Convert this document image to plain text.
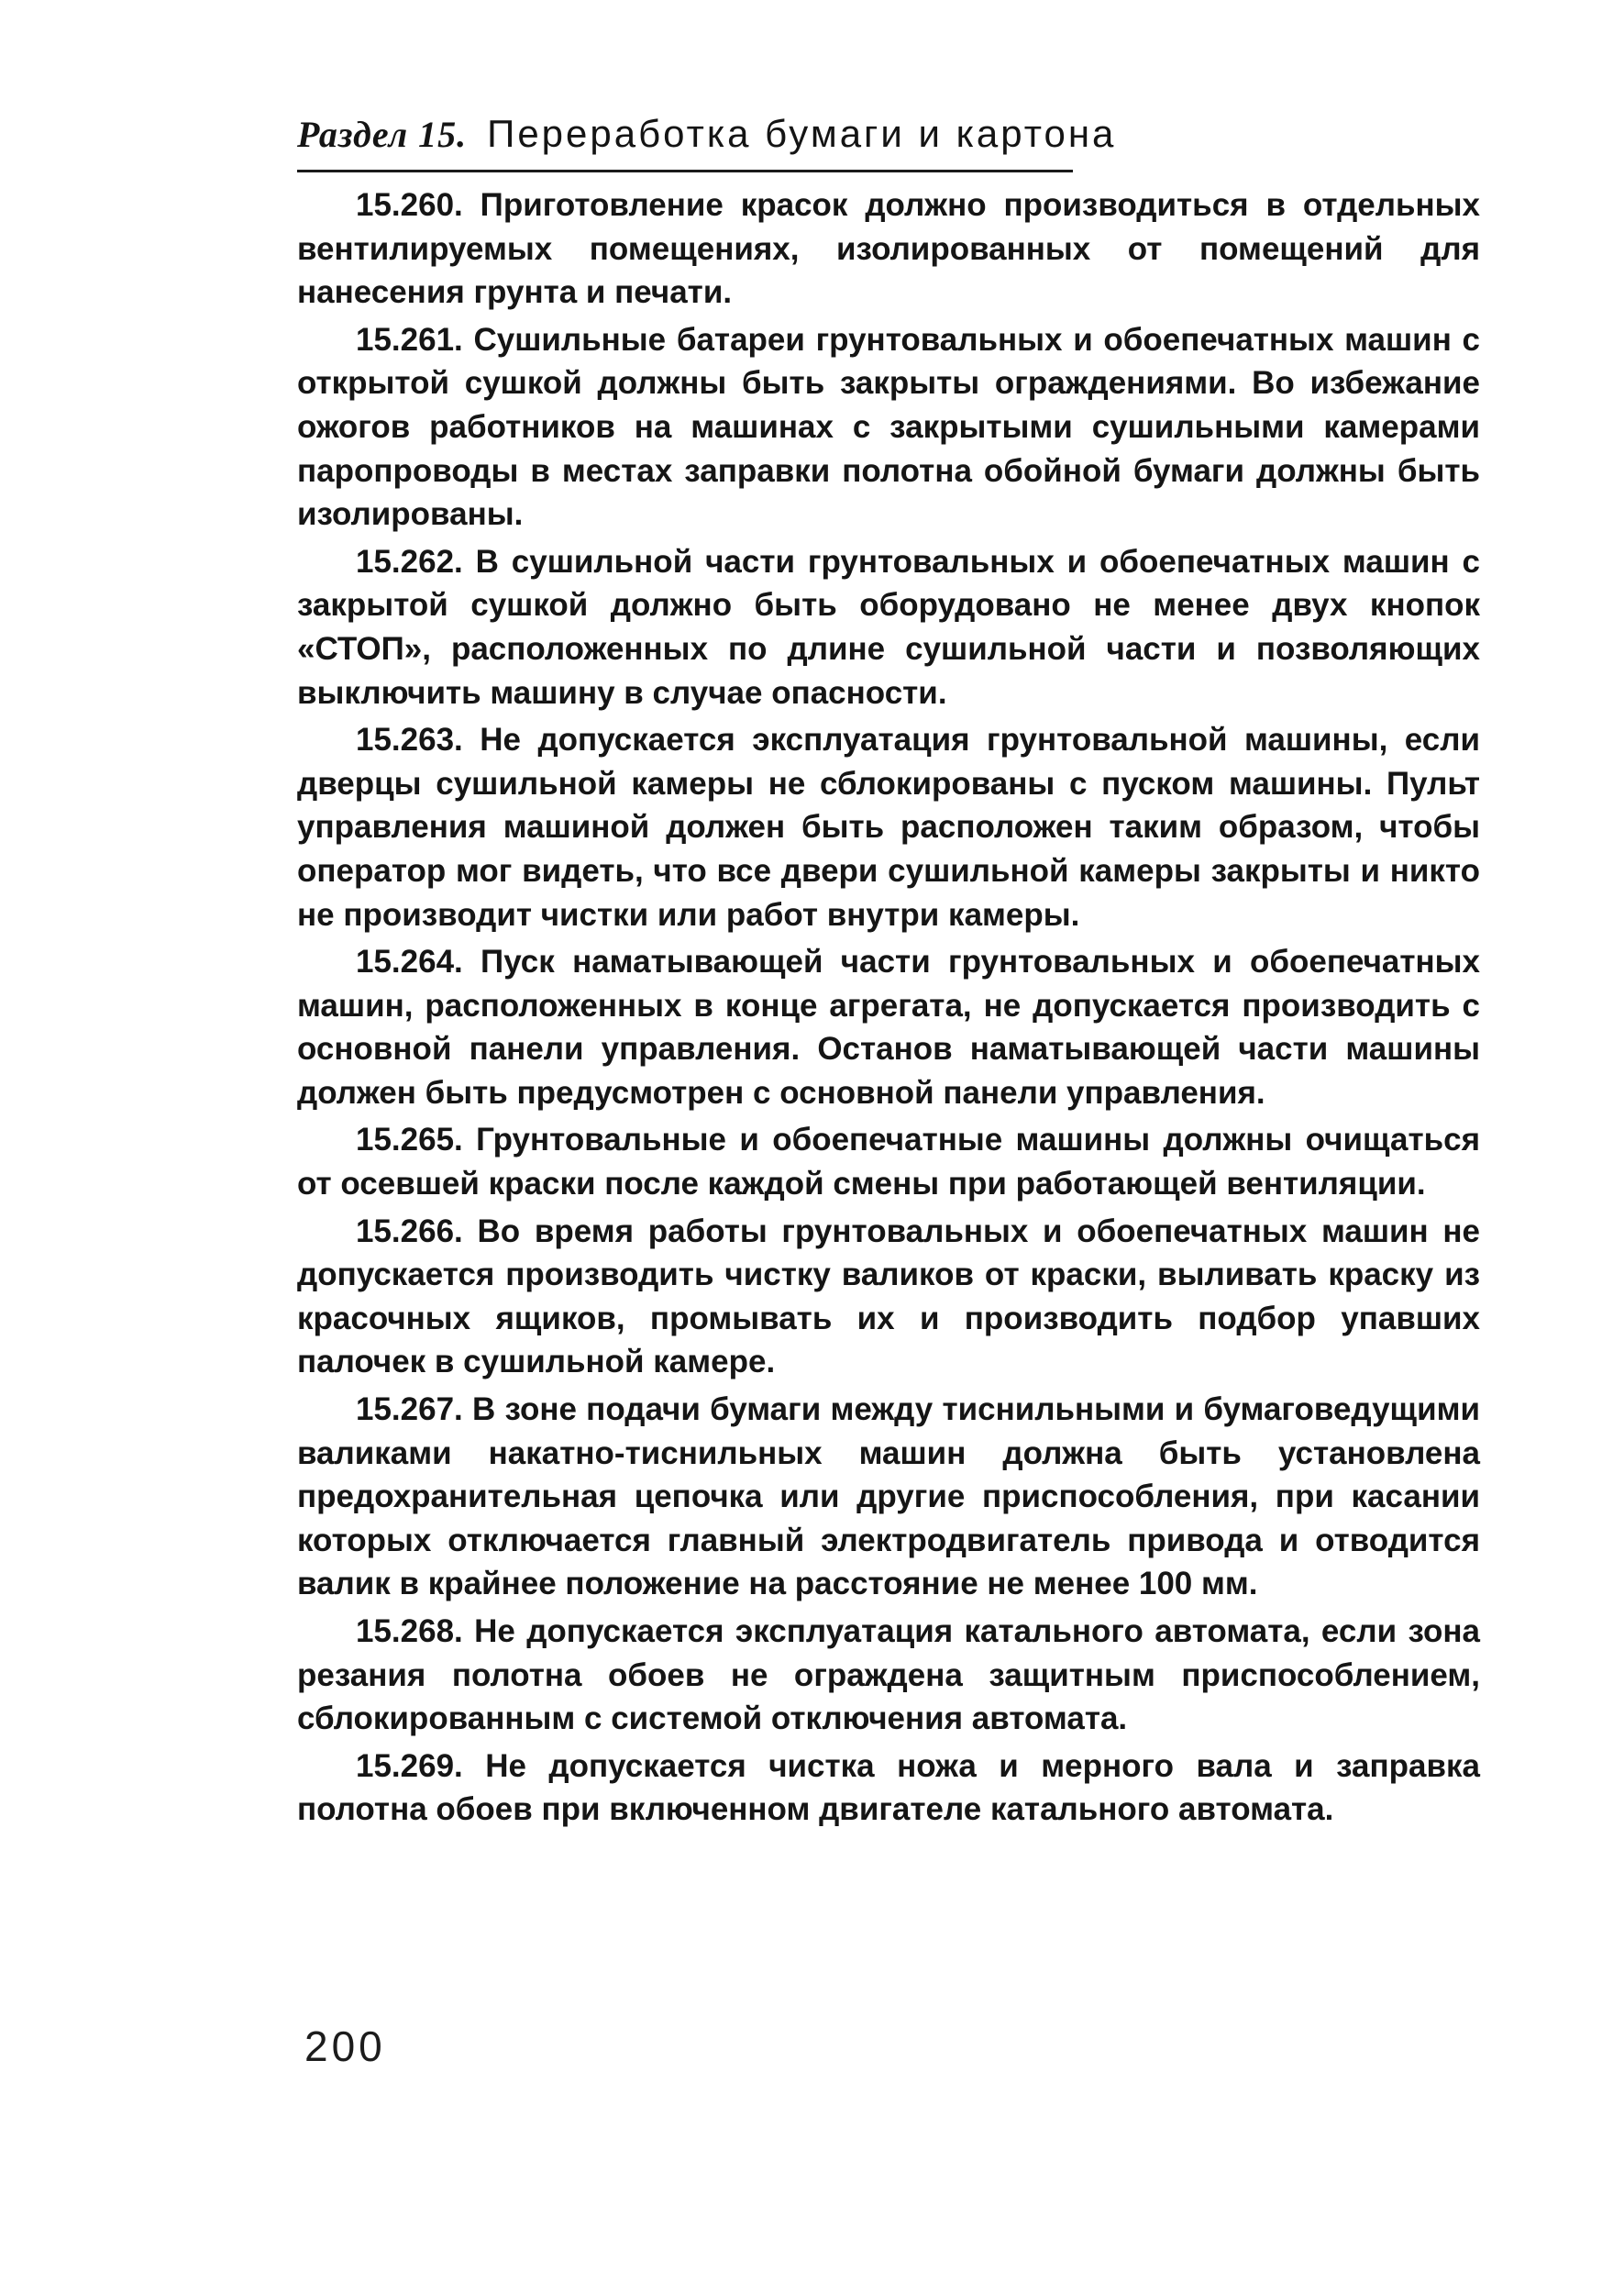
Раздел 15. Переработка бумаги и картона

15.260. Приготовление красок должно производиться в отдельных вентилируемых помещениях, изолированных от помещений для нанесения грунта и печати.

15.261. Сушильные батареи грунтовальных и обоепечатных машин с открытой сушкой должны быть закрыты ограждениями. Во избежание ожогов работников на машинах с закрытыми сушильными камерами паропроводы в местах заправки полотна обойной бумаги должны быть изолированы.

15.262. В сушильной части грунтовальных и обоепечатных машин с закрытой сушкой должно быть оборудовано не менее двух кнопок «СТОП», расположенных по длине сушильной части и позволяющих выключить машину в случае опасности.

15.263. Не допускается эксплуатация грунтовальной машины, если дверцы сушильной камеры не сблокированы с пуском машины. Пульт управления машиной должен быть расположен таким образом, чтобы оператор мог видеть, что все двери сушильной камеры закрыты и никто не производит чистки или работ внутри камеры.

15.264. Пуск наматывающей части грунтовальных и обоепечатных машин, расположенных в конце агрегата, не допускается производить с основной панели управления. Останов наматывающей части машины должен быть предусмотрен с основной панели управления.

15.265. Грунтовальные и обоепечатные машины должны очищаться от осевшей краски после каждой смены при работающей вентиляции.

15.266. Во время работы грунтовальных и обоепечатных машин не допускается производить чистку валиков от краски, выливать краску из красочных ящиков, промывать их и производить подбор упавших палочек в сушильной камере.

15.267. В зоне подачи бумаги между тиснильными и бумаговедущими валиками накатно-тиснильных машин должна быть установлена предохранительная цепочка или другие приспособления, при касании которых отключается главный электродвигатель привода и отводится валик в крайнее положение на расстояние не менее 100 мм.

15.268. Не допускается эксплуатация катального автомата, если зона резания полотна обоев не ограждена защитным приспособлением, сблокированным с системой отключения автомата.

15.269. Не допускается чистка ножа и мерного вала и заправка полотна обоев при включенном двигателе катального автомата.

200
